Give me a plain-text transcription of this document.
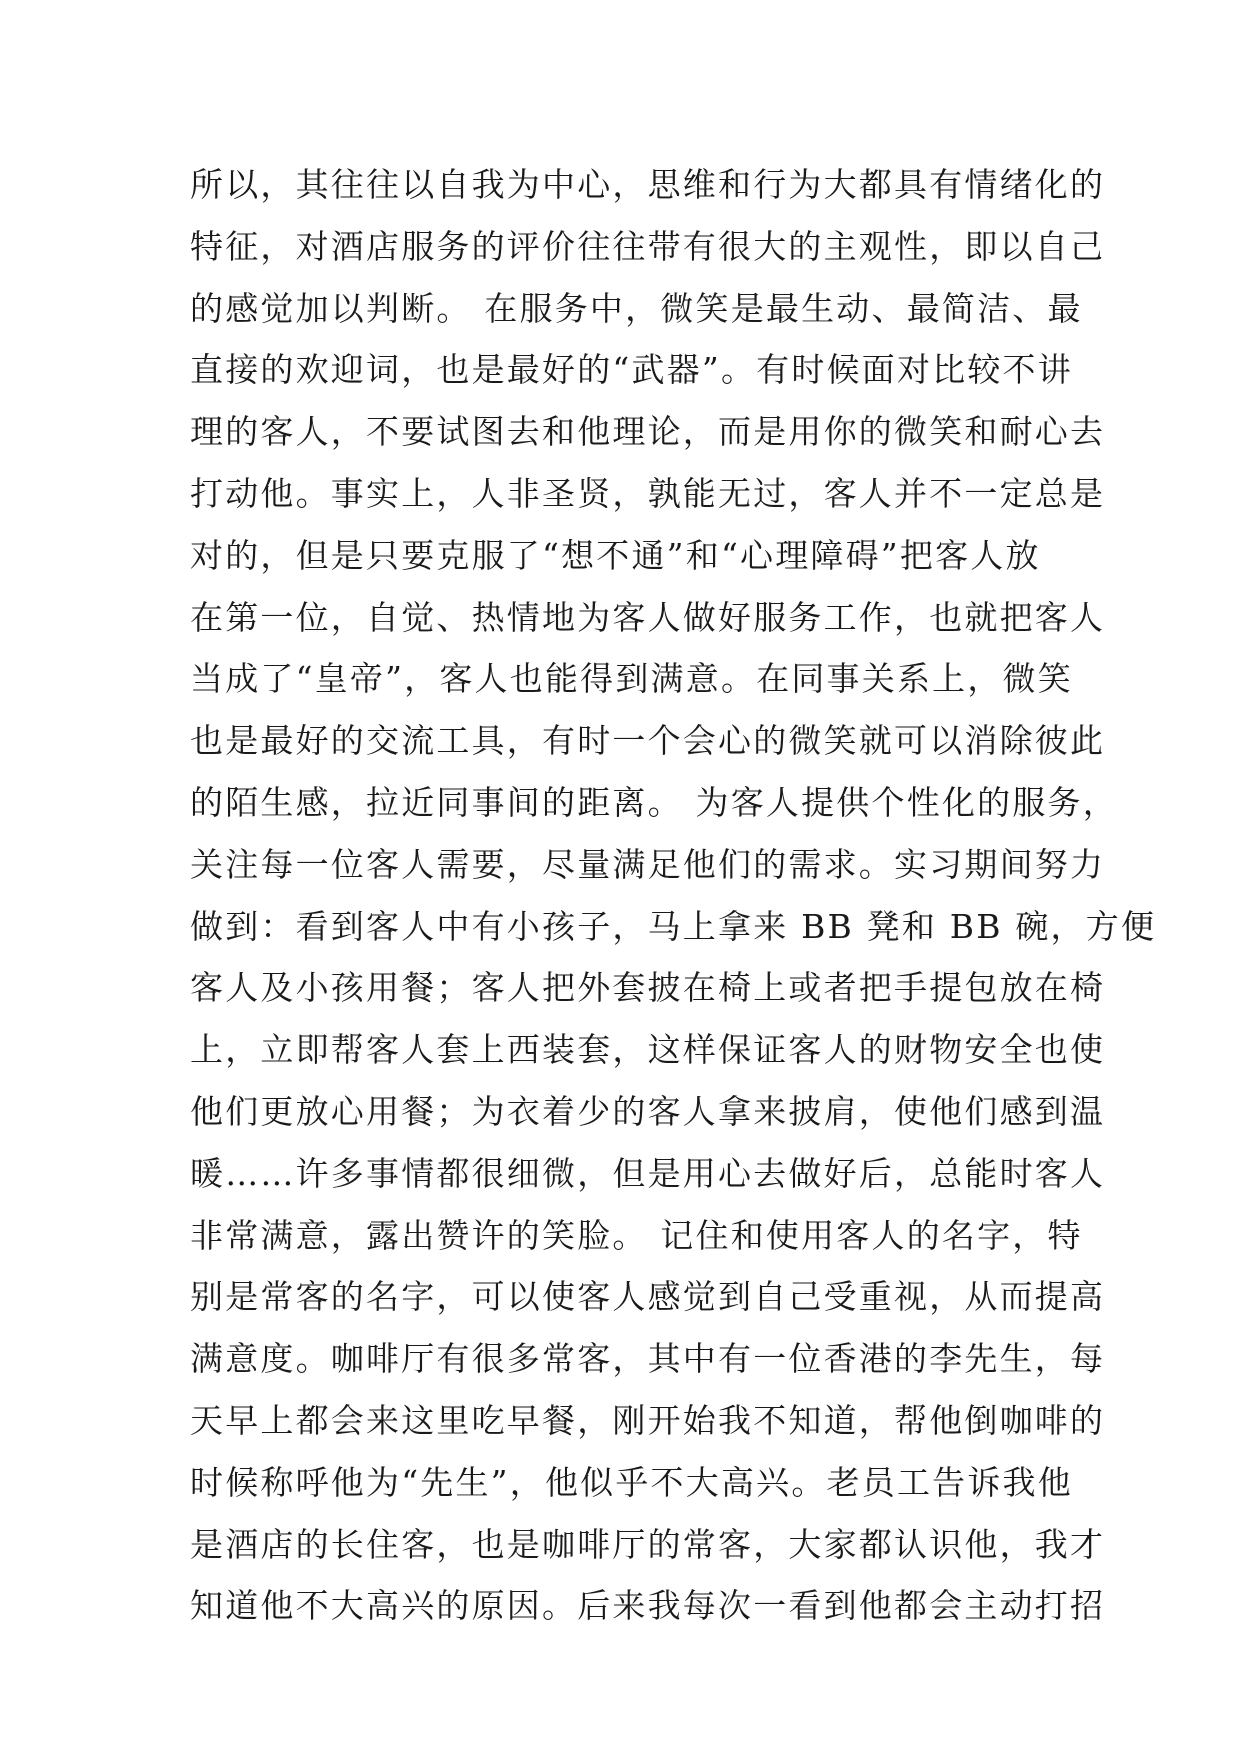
所以，其往往以自我为中心，思维和行为大都具有情绪化的
特征，对酒店服务的评价往往带有很大的主观性，即以自己
的感觉加以判断。 在服务中，微笑是最生动、最简洁、最
直接的欢迎词，也是最好的“武器”。有时候面对比较不讲
理的客人，不要试图去和他理论，而是用你的微笑和耐心去
打动他。事实上，人非圣贤，孰能无过，客人并不一定总是
对的，但是只要克服了“想不通”和“心理障碍”把客人放
在第一位，自觉、热情地为客人做好服务工作，也就把客人
当成了“皇帝”，客人也能得到满意。在同事关系上，微笑
也是最好的交流工具，有时一个会心的微笑就可以消除彼此
的陌生感，拉近同事间的距离。 为客人提供个性化的服务，
关注每一位客人需要，尽量满足他们的需求。实习期间努力
做到：看到客人中有小孩子，马上拿来 BB 凳和 BB 碗，方便
客人及小孩用餐；客人把外套披在椅上或者把手提包放在椅
上，立即帮客人套上西装套，这样保证客人的财物安全也使
他们更放心用餐；为衣着少的客人拿来披肩，使他们感到温
暖……许多事情都很细微，但是用心去做好后，总能时客人
非常满意，露出赞许的笑脸。 记住和使用客人的名字，特
别是常客的名字，可以使客人感觉到自己受重视，从而提高
满意度。咖啡厅有很多常客，其中有一位香港的李先生，每
天早上都会来这里吃早餐，刚开始我不知道，帮他倒咖啡的
时候称呼他为“先生”，他似乎不大高兴。老员工告诉我他
是酒店的长住客，也是咖啡厅的常客，大家都认识他，我才
知道他不大高兴的原因。后来我每次一看到他都会主动打招
